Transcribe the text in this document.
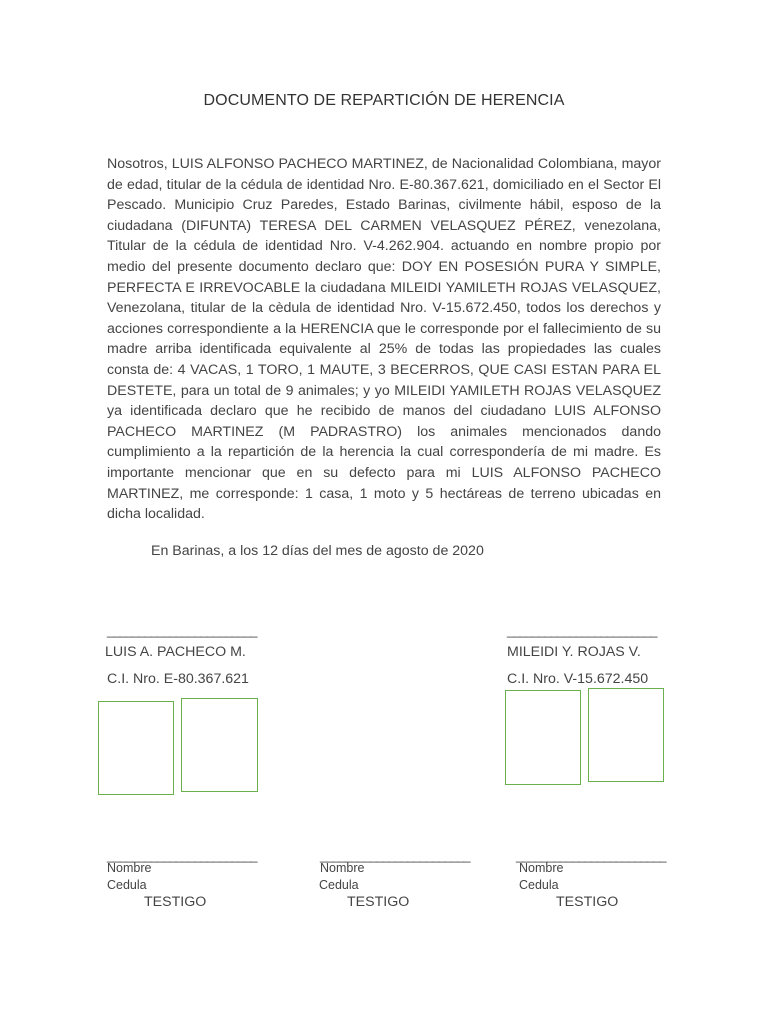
DOCUMENTO DE REPARTICIÓN DE HERENCIA

Nosotros, LUIS ALFONSO PACHECO MARTINEZ, de Nacionalidad Colombiana, mayor de edad, titular de la cédula de identidad Nro. E-80.367.621, domiciliado en el Sector El Pescado. Municipio Cruz Paredes, Estado Barinas, civilmente hábil, esposo de la ciudadana (DIFUNTA) TERESA DEL CARMEN VELASQUEZ PÉREZ, venezolana, Titular de la cédula de identidad Nro. V-4.262.904. actuando en nombre propio por medio del presente documento declaro que: DOY EN POSESIÓN PURA Y SIMPLE, PERFECTA E IRREVOCABLE la ciudadana MILEIDI YAMILETH ROJAS VELASQUEZ, Venezolana, titular de la cèdula de identidad Nro. V-15.672.450, todos los derechos y acciones correspondiente a la HERENCIA que le corresponde por el fallecimiento de su madre arriba identificada equivalente al 25% de todas las propiedades las cuales consta de: 4 VACAS, 1 TORO, 1 MAUTE, 3 BECERROS, QUE CASI ESTAN PARA EL DESTETE, para un total de 9 animales; y yo MILEIDI YAMILETH ROJAS VELASQUEZ ya identificada declaro que he recibido de manos del ciudadano LUIS ALFONSO PACHECO MARTINEZ (M PADRASTRO) los animales mencionados dando cumplimiento a la repartición de la herencia la cual correspondería de mi madre. Es importante mencionar que en su defecto para mi LUIS ALFONSO PACHECO MARTINEZ, me corresponde: 1 casa, 1 moto y 5 hectáreas de terreno ubicadas en dicha localidad.

En Barinas, a los 12 días del mes de agosto de 2020
________________________
LUIS A. PACHECO M.
C.I. Nro. E-80.367.621
________________________
MILEIDI Y. ROJAS V.
C.I. Nro. V-15.672.450
________________________
Nombre
Cedula
TESTIGO
________________________
Nombre
Cedula
TESTIGO
________________________
Nombre
Cedula
TESTIGO
